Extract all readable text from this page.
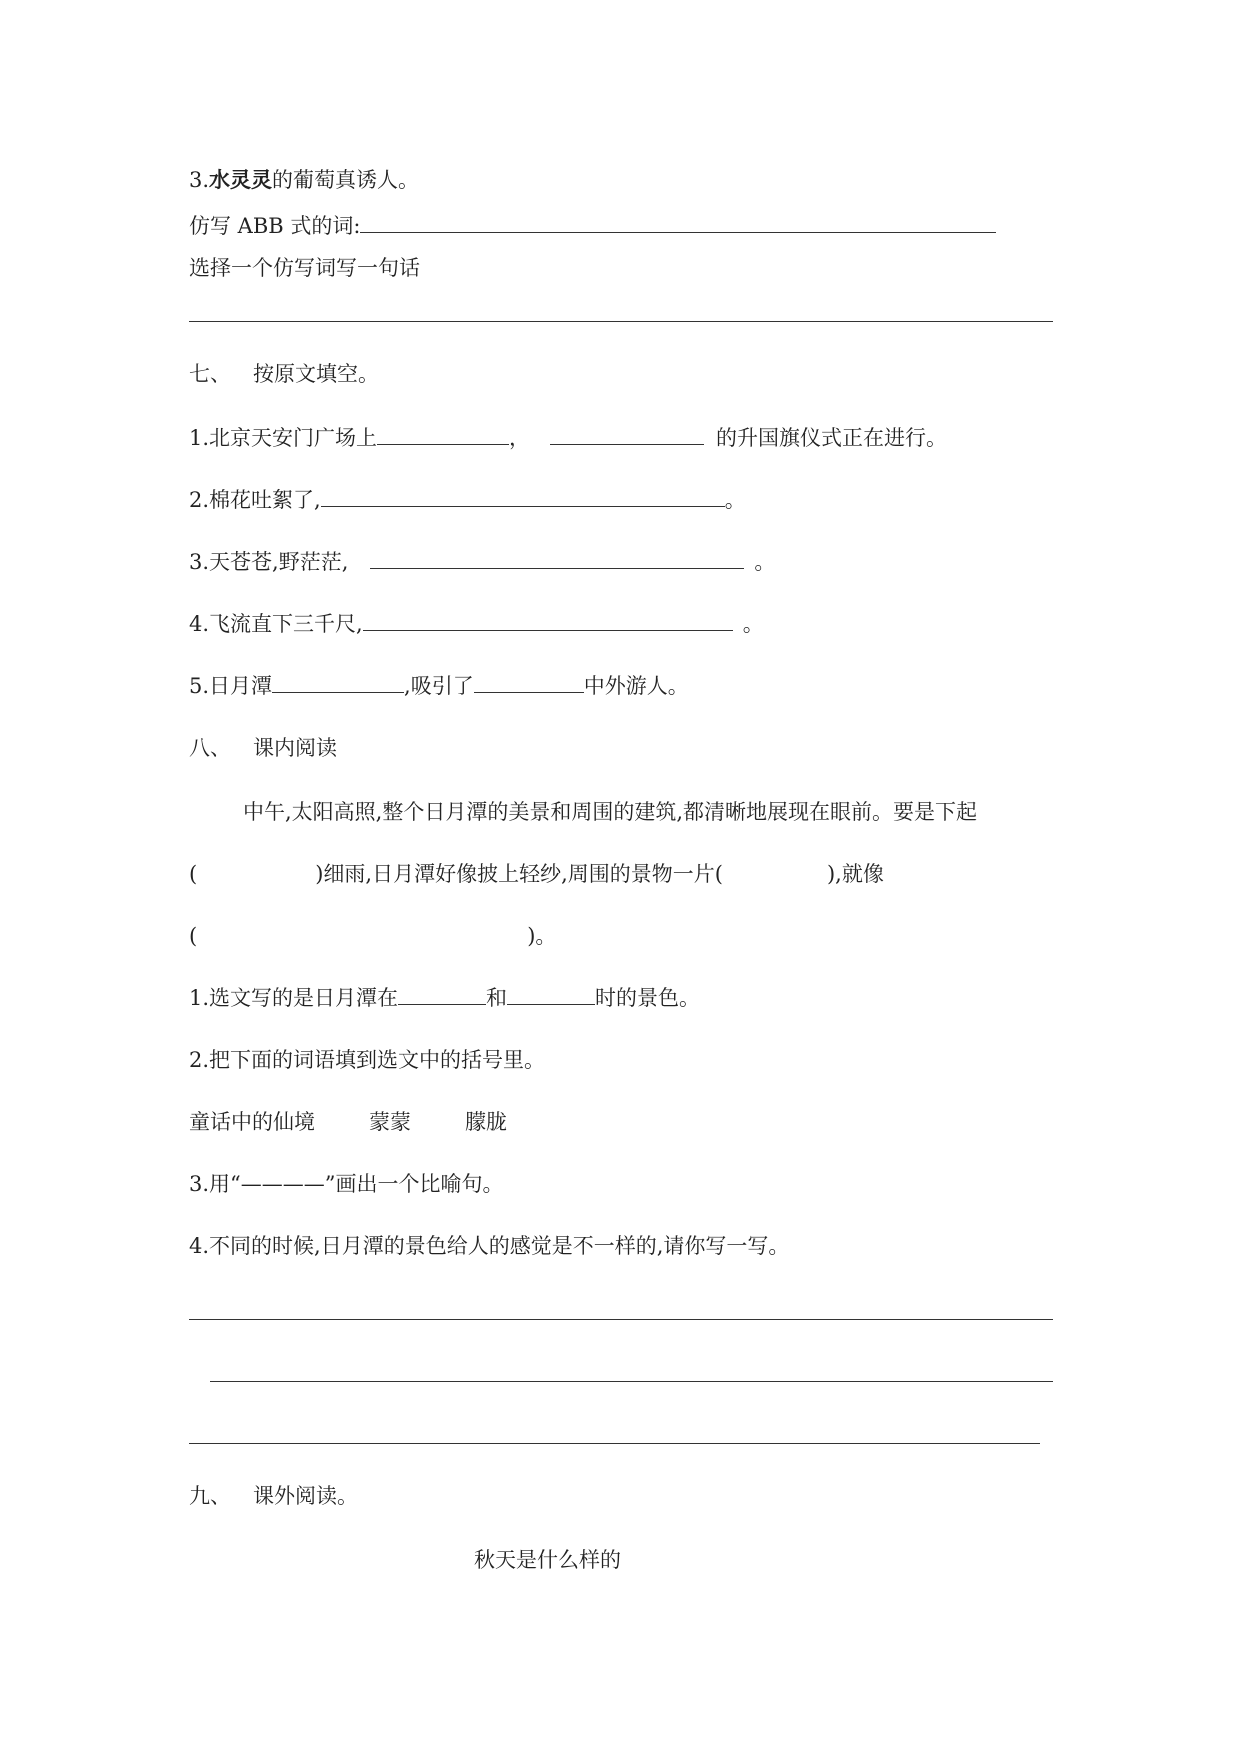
3.水灵灵的葡萄真诱人。
仿写 ABB 式的词:
选择一个仿写词写一句话
七、 按原文填空。
1.北京天安门广场上	，	的升国旗仪式正在进行。
2.棉花吐絮了,	。
3.天苍苍,野茫茫,	。
4.飞流直下三千尺,	。
5.日月潭	,吸引了	中外游人。
八、 课内阅读
中午,太阳高照,整个日月潭的美景和周围的建筑,都清晰地展现在眼前。要是下起
(	)细雨,日月潭好像披上轻纱,周围的景物一片(	),就像
(	)。
1.选文写的是日月潭在	和	时的景色。
2.把下面的词语填到选文中的括号里。
童话中的仙境	蒙蒙	朦胧
3.用“————”画出一个比喻句。
4.不同的时候,日月潭的景色给人的感觉是不一样的,请你写一写。
九、 课外阅读。
秋天是什么样的
